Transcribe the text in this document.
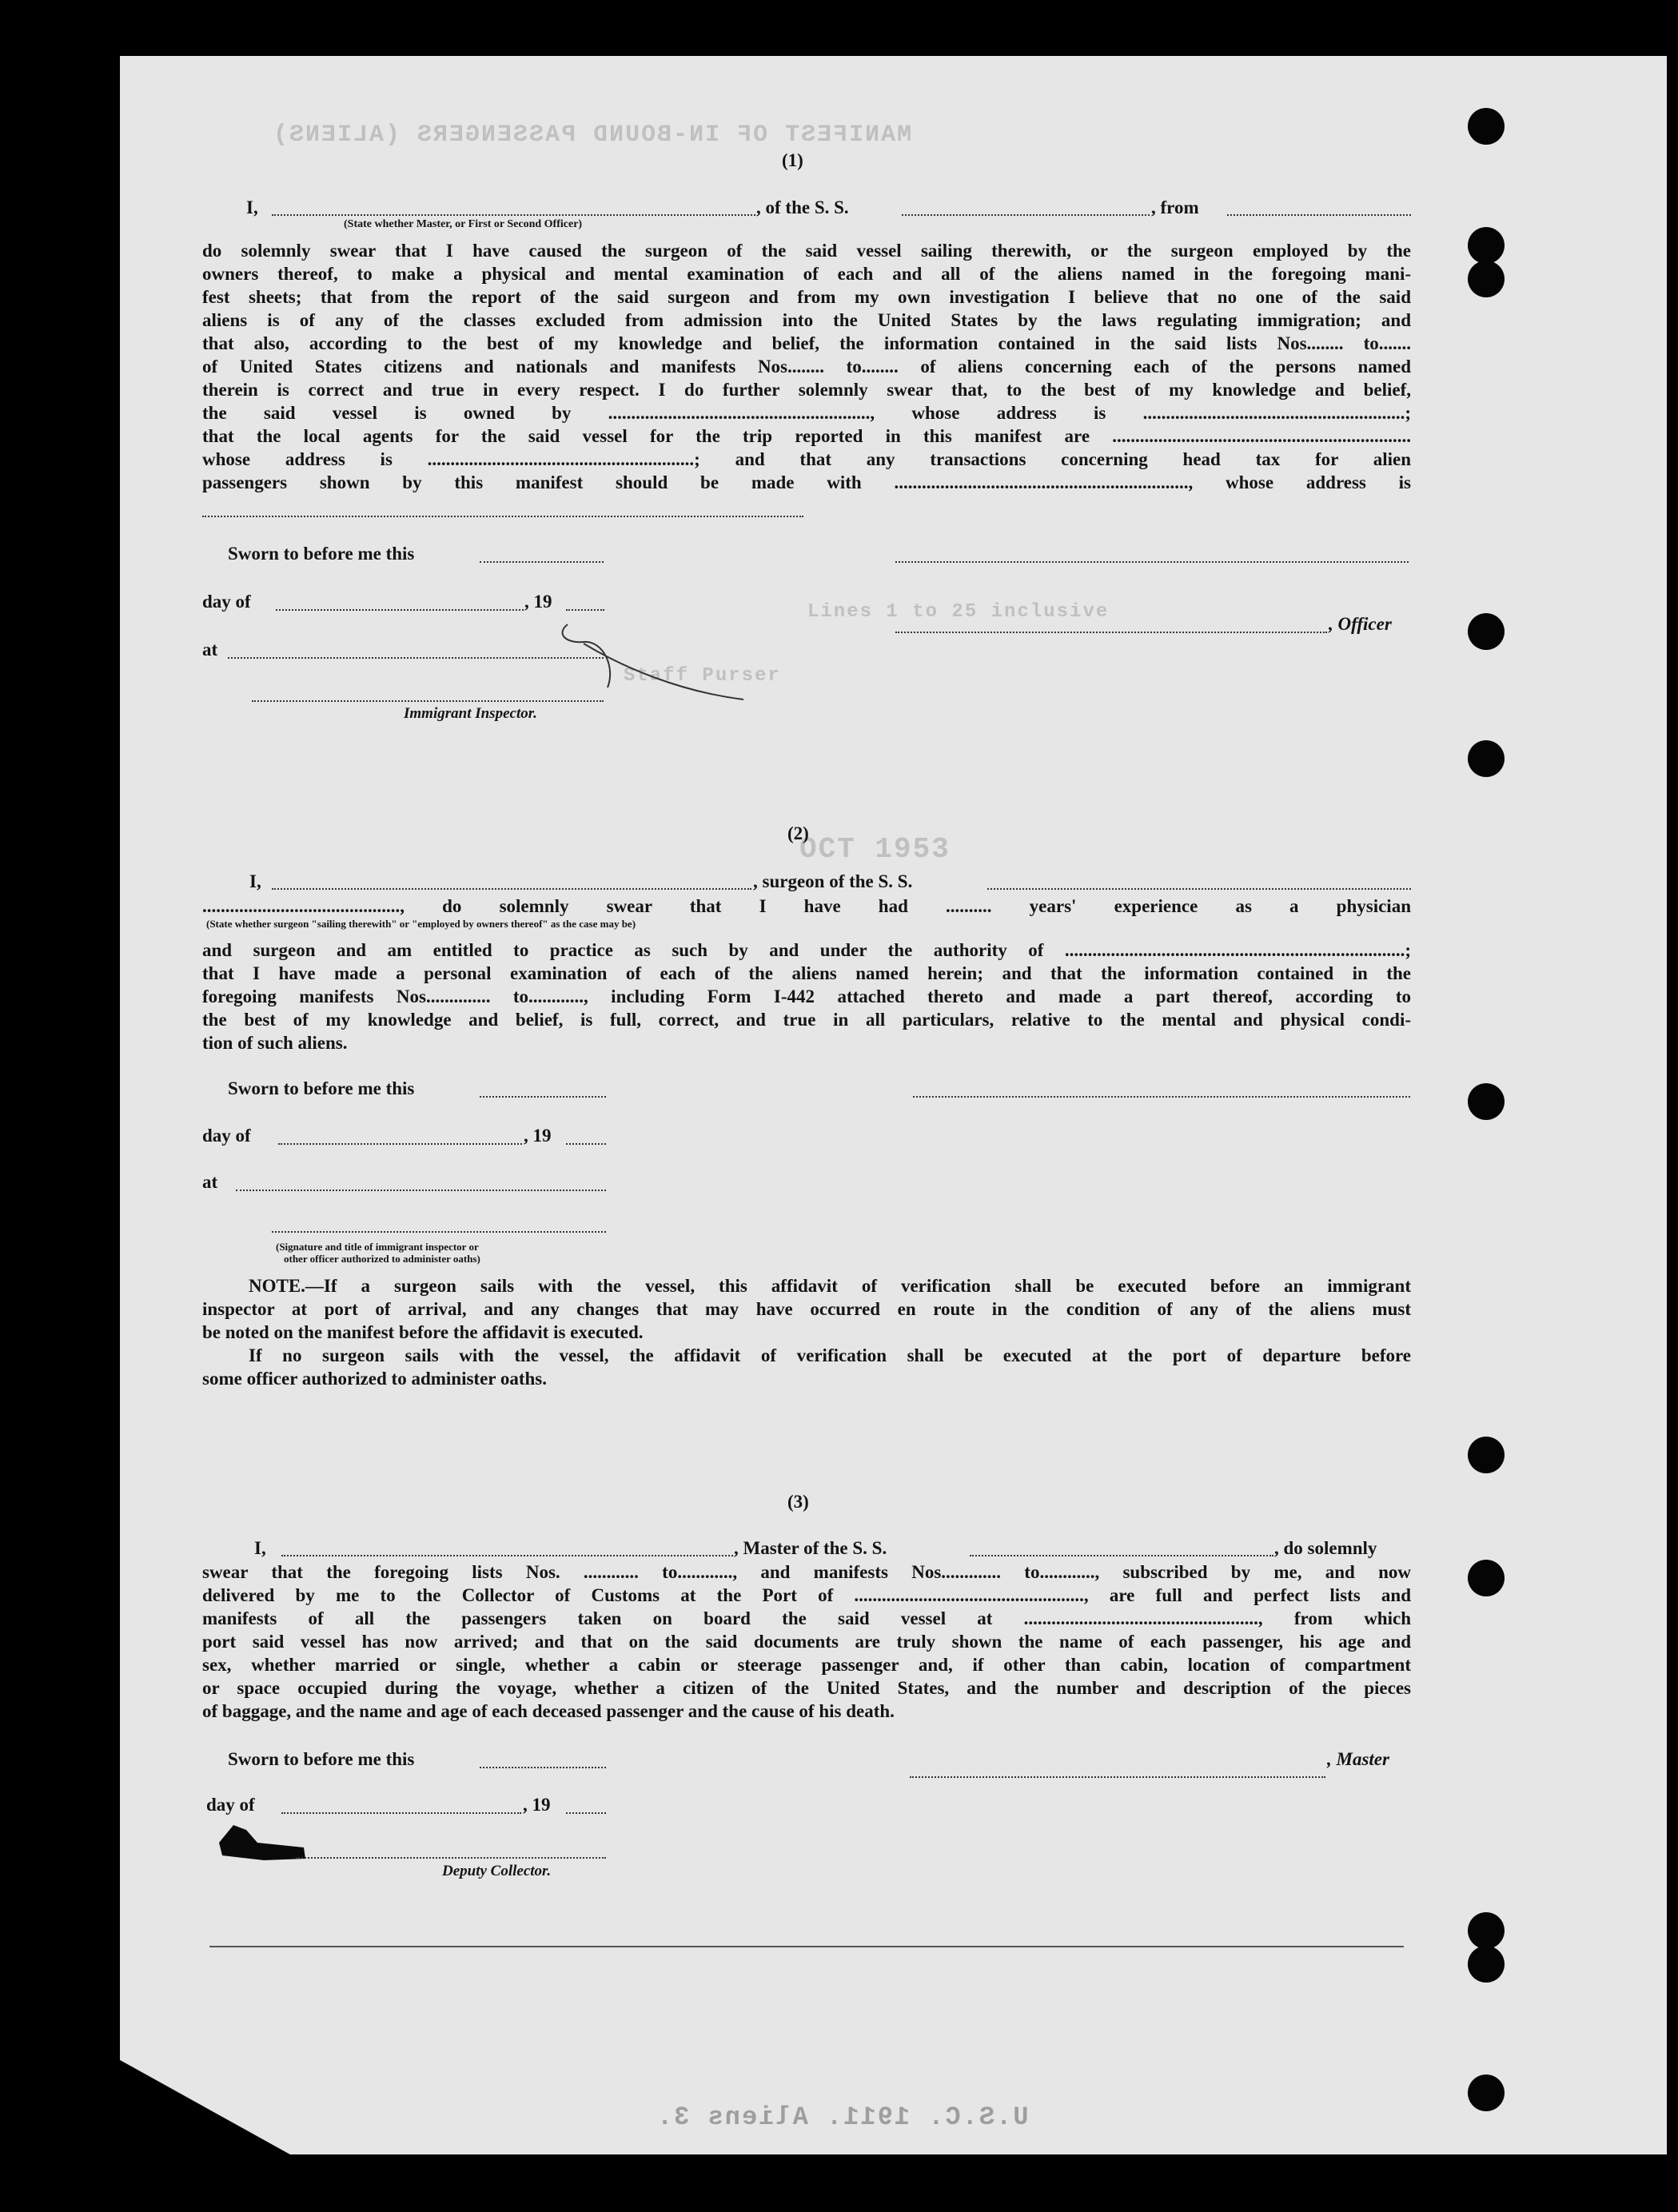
MANIFEST OF IN-BOUND PASSENGERS (ALIENS)
Lines 1 to 25 inclusive
Staff Purser
OCT 1953
U.S.C. 1911. Aliens 3.
(1)
I,	, of the S. S.	, from
(State whether Master, or First or Second Officer)
do solemnly swear that I have caused the surgeon of the said vessel sailing therewith, or the surgeon employed by the
owners thereof, to make a physical and mental examination of each and all of the aliens named in the foregoing mani-
fest sheets; that from the report of the said surgeon and from my own investigation I believe that no one of the said
aliens is of any of the classes excluded from admission into the United States by the laws regulating immigration; and
that also, according to the best of my knowledge and belief, the information contained in the said lists Nos........ to.......
of United States citizens and nationals and manifests Nos........ to........ of aliens concerning each of the persons named
therein is correct and true in every respect. I do further solemnly swear that, to the best of my knowledge and belief,
the said vessel is owned by ........................................................., whose address is .........................................................;
that the local agents for the said vessel for the trip reported in this manifest are .................................................................
whose address is ..........................................................; and that any transactions concerning head tax for alien
passengers shown by this manifest should be made with ................................................................, whose address is
Sworn to before me this
day of	, 19
, Officer
at
Immigrant Inspector.
(2)
I,	, surgeon of the S. S.
..........................................., do solemnly swear that I have had .......... years' experience as a physician
(State whether surgeon "sailing therewith" or "employed by owners thereof" as the case may be)
and surgeon and am entitled to practice as such by and under the authority of ..........................................................................;
that I have made a personal examination of each of the aliens named herein; and that the information contained in the
foregoing manifests Nos.............. to............, including Form I-442 attached thereto and made a part thereof, according to
the best of my knowledge and belief, is full, correct, and true in all particulars, relative to the mental and physical condi-
tion of such aliens.
Sworn to before me this
day of	, 19
at
(Signature and title of immigrant inspector or
other officer authorized to administer oaths)
NOTE.—If a surgeon sails with the vessel, this affidavit of verification shall be executed before an immigrant
inspector at port of arrival, and any changes that may have occurred en route in the condition of any of the aliens must
be noted on the manifest before the affidavit is executed.
If no surgeon sails with the vessel, the affidavit of verification shall be executed at the port of departure before
some officer authorized to administer oaths.
(3)
I,	, Master of the S. S.	, do solemnly
swear that the foregoing lists Nos. ............ to............, and manifests Nos............. to............, subscribed by me, and now
delivered by me to the Collector of Customs at the Port of .................................................., are full and perfect lists and
manifests of all the passengers taken on board the said vessel at ..................................................., from which
port said vessel has now arrived; and that on the said documents are truly shown the name of each passenger, his age and
sex, whether married or single, whether a cabin or steerage passenger and, if other than cabin, location of compartment
or space occupied during the voyage, whether a citizen of the United States, and the number and description of the pieces
of baggage, and the name and age of each deceased passenger and the cause of his death.
Sworn to before me this	, Master
day of	, 19
Deputy Collector.
